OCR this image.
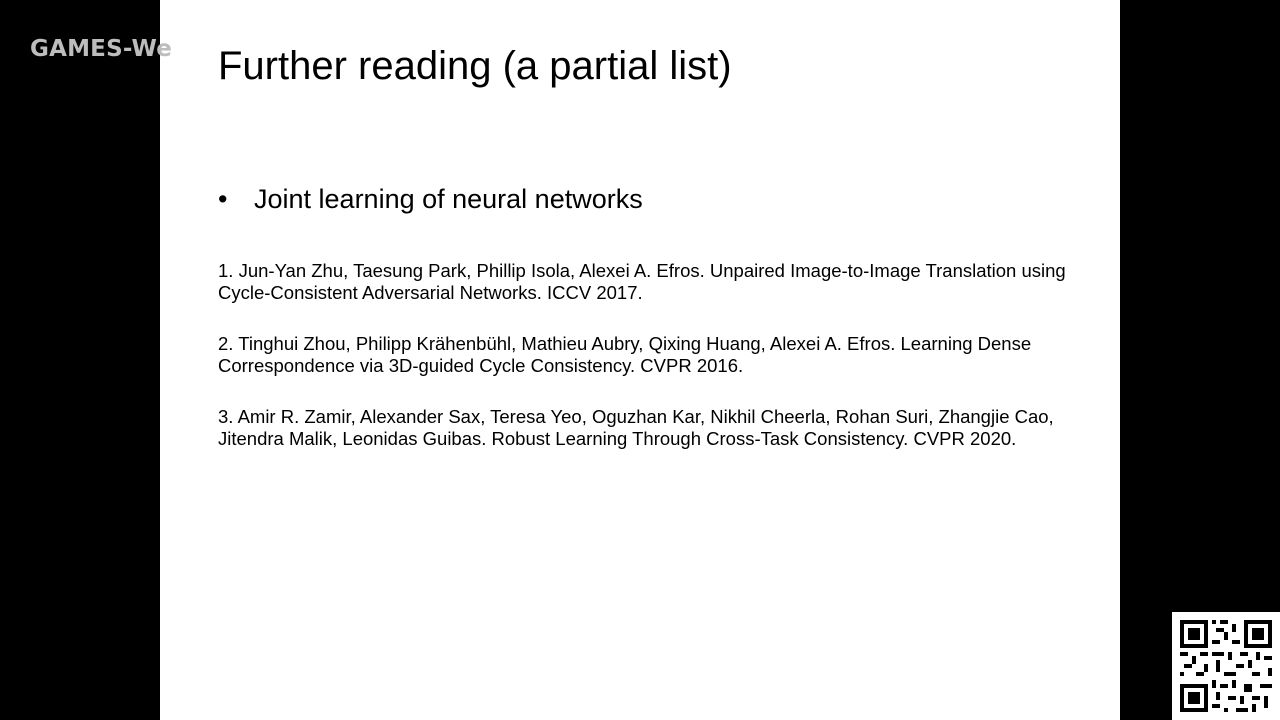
GAMES-We Further reading (a partial list)
• Joint learning of neural networks

1. Jun-Yan Zhu, Taesung Park, Phillip Isola, Alexei A. Efros. Unpaired Image-to-Image Translation using Cycle-Consistent Adversarial Networks. ICCV 2017.

2. Tinghui Zhou, Philipp Krähenbühl, Mathieu Aubry, Qixing Huang, Alexei A. Efros. Learning Dense Correspondence via 3D-guided Cycle Consistency. CVPR 2016.

3. Amir R. Zamir, Alexander Sax, Teresa Yeo, Oguzhan Kar, Nikhil Cheerla, Rohan Suri, Zhangjie Cao, Jitendra Malik, Leonidas Guibas. Robust Learning Through Cross-Task Consistency. CVPR 2020.
